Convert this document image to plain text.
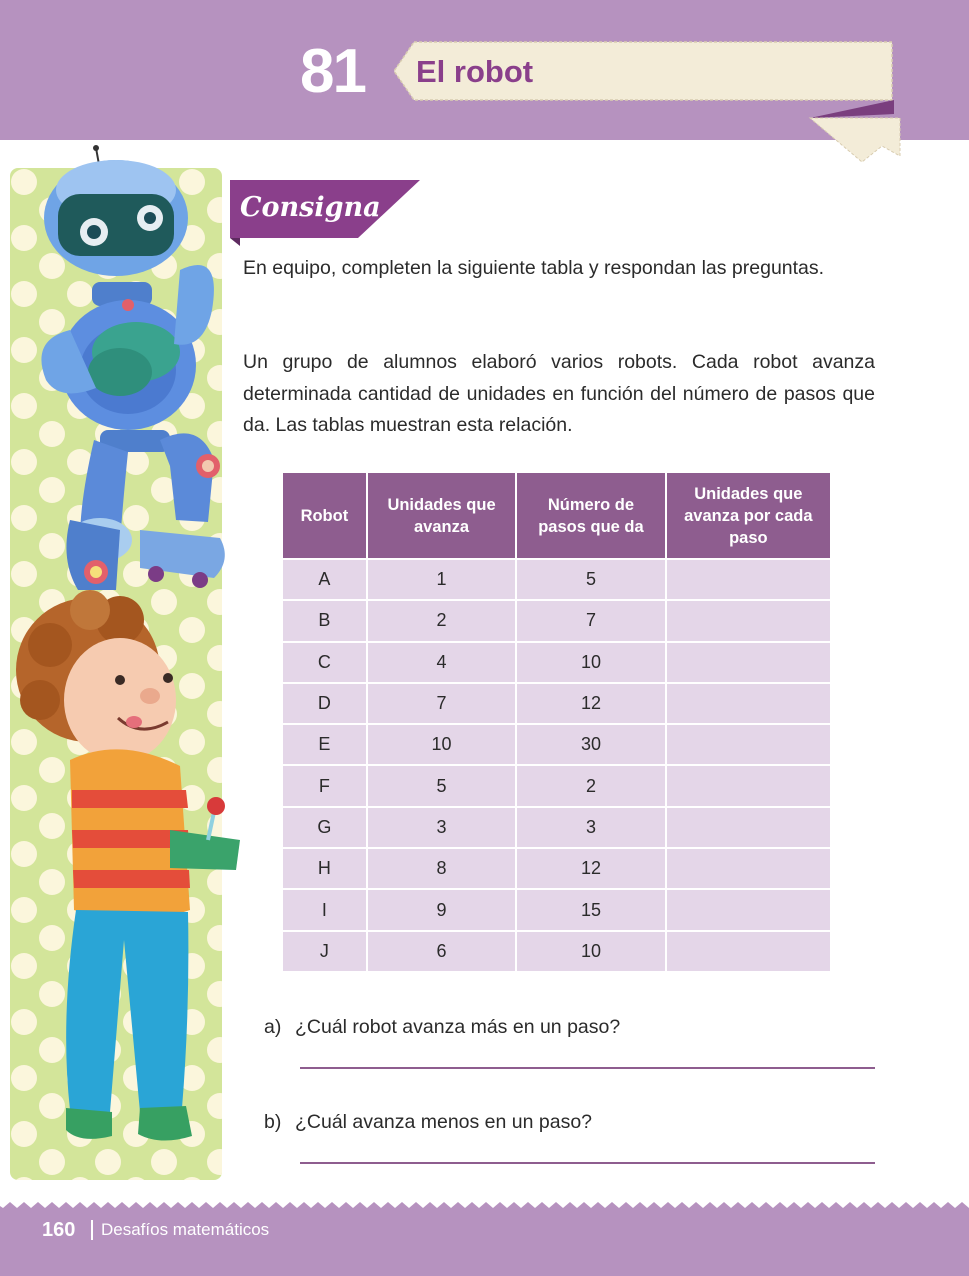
81 El robot
Consigna

En equipo, completen la siguiente tabla y respondan las preguntas.

Un grupo de alumnos elaboró varios robots. Cada robot avanza determinada cantidad de unidades en función del número de pasos que da. Las tablas muestran esta relación.

Robot	Unidades que avanza	Número de pasos que da	Unidades que avanza por cada paso
A	1	5	
B	2	7	
C	4	10	
D	7	12	
E	10	30	
F	5	2	
G	3	3	
H	8	12	
I	9	15	
J	6	10	
a) ¿Cuál robot avanza más en un paso?
b) ¿Cuál avanza menos en un paso?
160 Desafíos matemáticos
